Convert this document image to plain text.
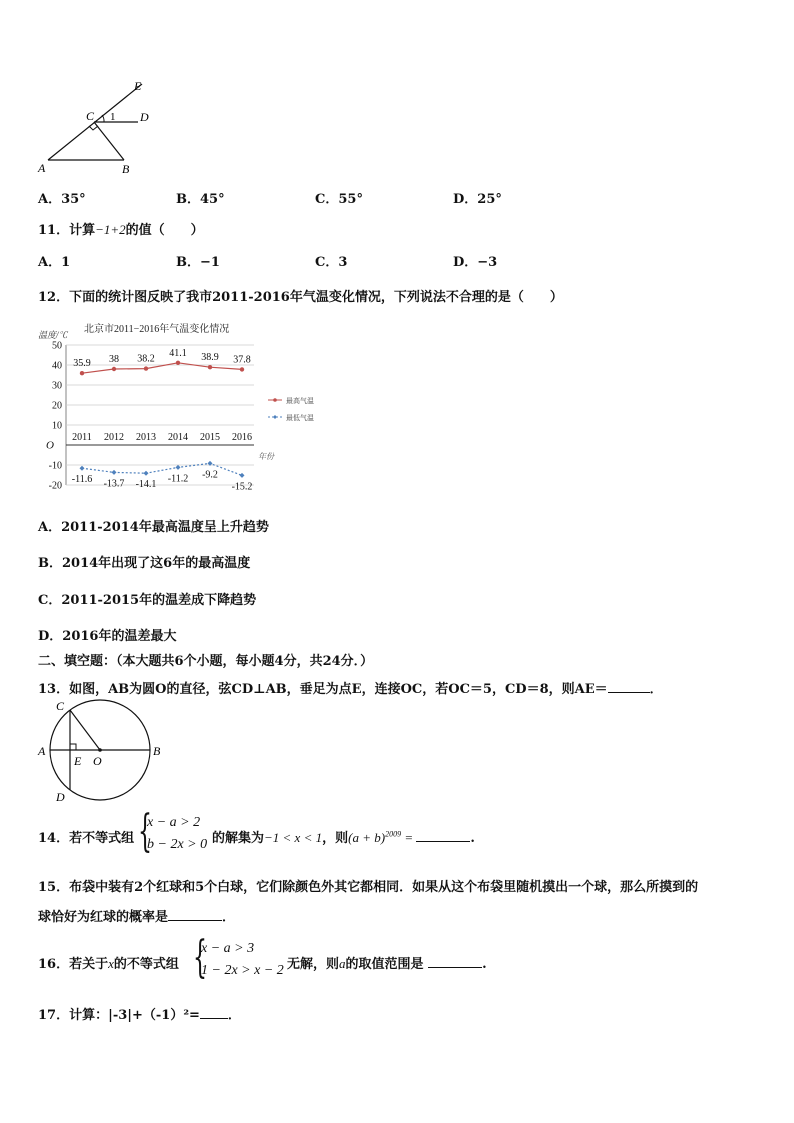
E
C 1 D
A	B
A．35°	B．45°	C．55°	D．25°
11．计算−1+2的值（　　）
A．1	B．−1	C．3	D．−3
12．下面的统计图反映了我市2011-2016年气温变化情况，下列说法不合理的是（　　）
温度/℃ 北京市2011−2016年气温变化情况
50
40
30
20
10
O
-10
-20
2011 2012 2013 2014 2015 2016
35.9 38 38.2
41.1 38.9 37.8
-11.6 -13.7 -14.1
-11.2 -9.2
-15.2
最高气温
最低气温
年份
A．2011-2014年最高温度呈上升趋势
B．2014年出现了这6年的最高温度
C．2011-2015年的温差成下降趋势
D．2016年的温差最大
二、填空题：（本大题共6个小题，每小题4分，共24分．）
13．如图，AB为圆O的直径，弦CD⊥AB，垂足为点E，连接OC，若OC＝5，CD＝8，则AE＝	．
C
A	B
E O
D
14．若不等式组 {
x − a > 2
b − 2x > 0 的解集为−1 < x < 1，则$(a + b)^{2009}$ =	.
15．布袋中装有2个红球和5个白球，它们除颜色外其它都相同．如果从这个布袋里随机摸出一个球，那么所摸到的
球恰好为红球的概率是	．
16．若关于x的不等式组 {
x − a > 3
1 − 2x > x − 2 无解，则a的取值范围是	.
17．计算：|-3|+（-1）²= ．
